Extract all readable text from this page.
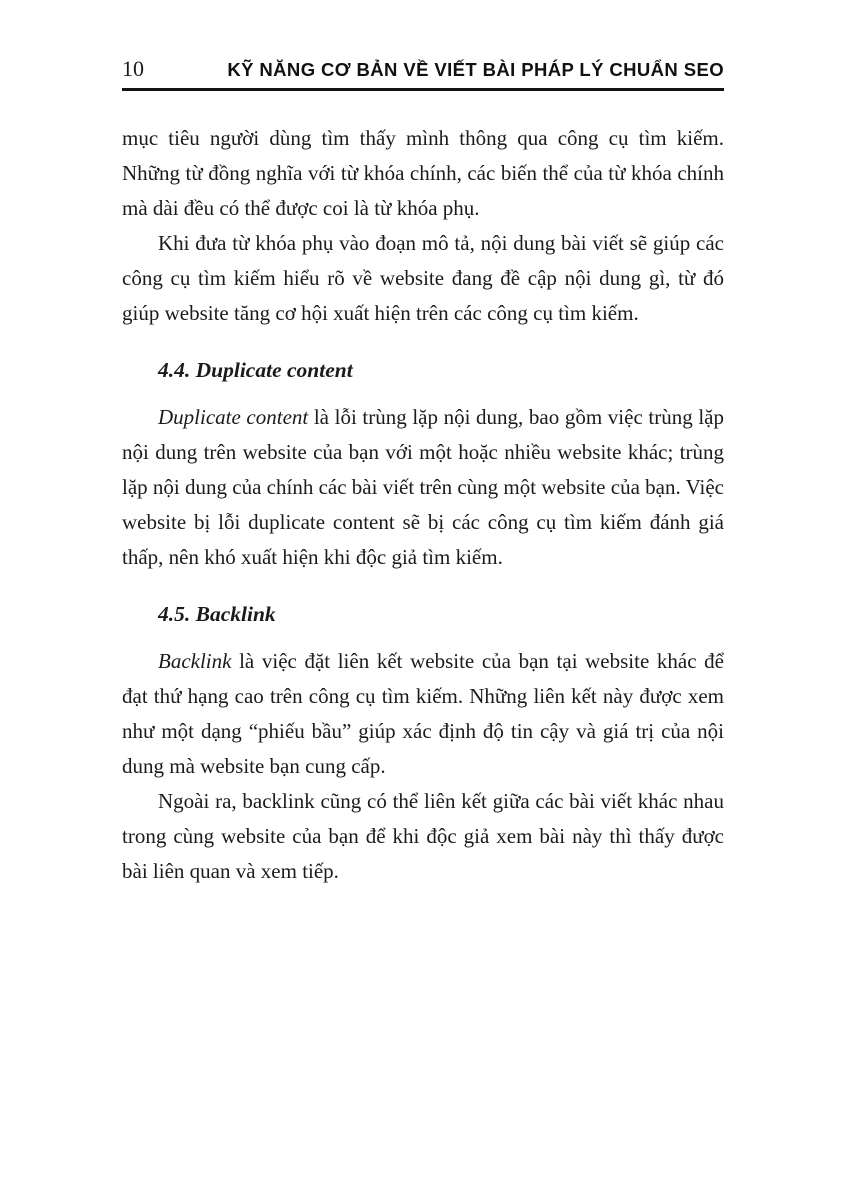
10	KỸ NĂNG CƠ BẢN VỀ VIẾT BÀI PHÁP LÝ CHUẨN SEO

mục tiêu người dùng tìm thấy mình thông qua công cụ tìm kiếm. Những từ đồng nghĩa với từ khóa chính, các biến thể của từ khóa chính mà dài đều có thể được coi là từ khóa phụ.

Khi đưa từ khóa phụ vào đoạn mô tả, nội dung bài viết sẽ giúp các công cụ tìm kiếm hiểu rõ về website đang đề cập nội dung gì, từ đó giúp website tăng cơ hội xuất hiện trên các công cụ tìm kiếm.

4.4. Duplicate content

Duplicate content là lỗi trùng lặp nội dung, bao gồm việc trùng lặp nội dung trên website của bạn với một hoặc nhiều website khác; trùng lặp nội dung của chính các bài viết trên cùng một website của bạn. Việc website bị lỗi duplicate content sẽ bị các công cụ tìm kiếm đánh giá thấp, nên khó xuất hiện khi độc giả tìm kiếm.

4.5. Backlink

Backlink là việc đặt liên kết website của bạn tại website khác để đạt thứ hạng cao trên công cụ tìm kiếm. Những liên kết này được xem như một dạng “phiếu bầu” giúp xác định độ tin cậy và giá trị của nội dung mà website bạn cung cấp.

Ngoài ra, backlink cũng có thể liên kết giữa các bài viết khác nhau trong cùng website của bạn để khi độc giả xem bài này thì thấy được bài liên quan và xem tiếp.
